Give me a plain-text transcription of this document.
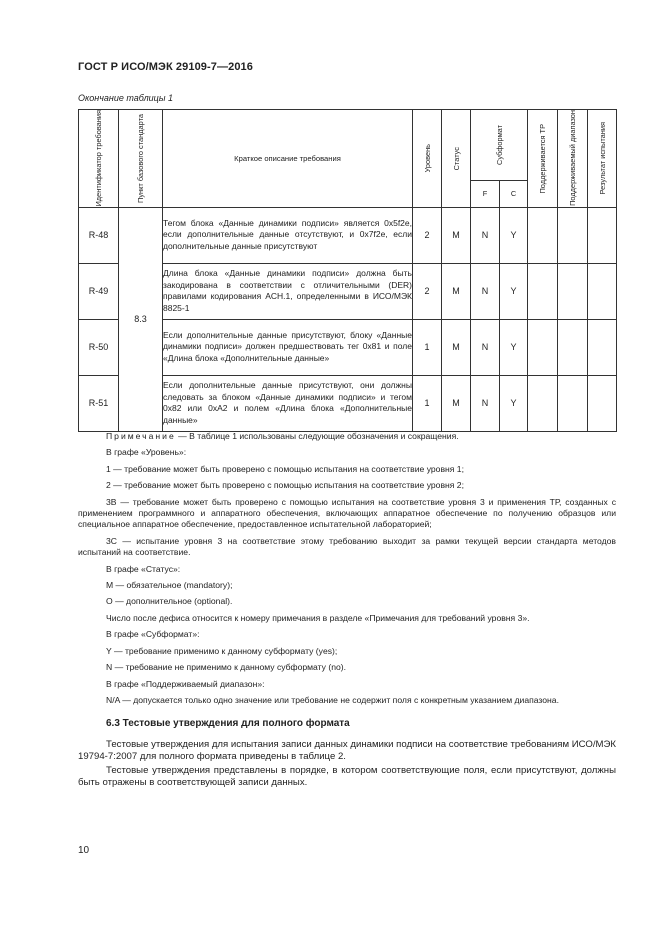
ГОСТ Р ИСО/МЭК 29109-7—2016
Окончание таблицы 1
Идентификатор требования	Пункт базового стандарта	Краткое описание требования	Уровень	Статус	Субформат		Поддерживается ТР	Поддерживаемый диапазон	Результат испытания

					F	C			
R-48	8.3	Тегом блока «Данные динамики подписи» является 0x5f2e, если дополнительные данные отсутствуют, и 0x7f2e, если дополнительные данные присутствуют	2	M	N	Y			
R-49		Длина блока «Данные динамики подписи» должна быть закодирована в соответствии с отличительными (DER) правилами кодирования ACH.1, определенными в ИСО/МЭК 8825-1	2	M	N	Y			
R-50		Если дополнительные данные присутствуют, блоку «Данные динамики подписи» должен предшествовать тег 0x81 и поле «Длина блока «Дополнительные данные»	1	M	N	Y			
R-51		Если дополнительные данные присутствуют, они должны следовать за блоком «Данные динамики подписи» и тегом 0x82 или 0xA2 и полем «Длина блока «Дополнительные данные»	1	M	N	Y			

Примечание — В таблице 1 использованы следующие обозначения и сокращения.

В графе «Уровень»:

1 — требование может быть проверено с помощью испытания на соответствие уровня 1;

2 — требование может быть проверено с помощью испытания на соответствие уровня 2;

3В — требование может быть проверено с помощью испытания на соответствие уровня 3 и применения ТР, созданных с применением программного и аппаратного обеспечения, включающих аппаратное обеспечение по получению образцов или специальное аппаратное обеспечение, предоставленное испытательной лабораторией;

3С — испытание уровня 3 на соответствие этому требованию выходит за рамки текущей версии стандарта методов испытаний на соответствие.

В графе «Статус»:

М — обязательное (mandatory);

О — дополнительное (optional).

Число после дефиса относится к номеру примечания в разделе «Примечания для требований уровня 3».

В графе «Субформат»:

Y — требование применимо к данному субформату (yes);

N — требование не применимо к данному субформату (no).

В графе «Поддерживаемый диапазон»:

N/A — допускается только одно значение или требование не содержит поля с конкретным указанием диапазона.

6.3 Тестовые утверждения для полного формата

Тестовые утверждения для испытания записи данных динамики подписи на соответствие требованиям ИСО/МЭК 19794-7:2007 для полного формата приведены в таблице 2.

Тестовые утверждения представлены в порядке, в котором соответствующие поля, если присутствуют, должны быть отражены в соответствующей записи данных.

10
